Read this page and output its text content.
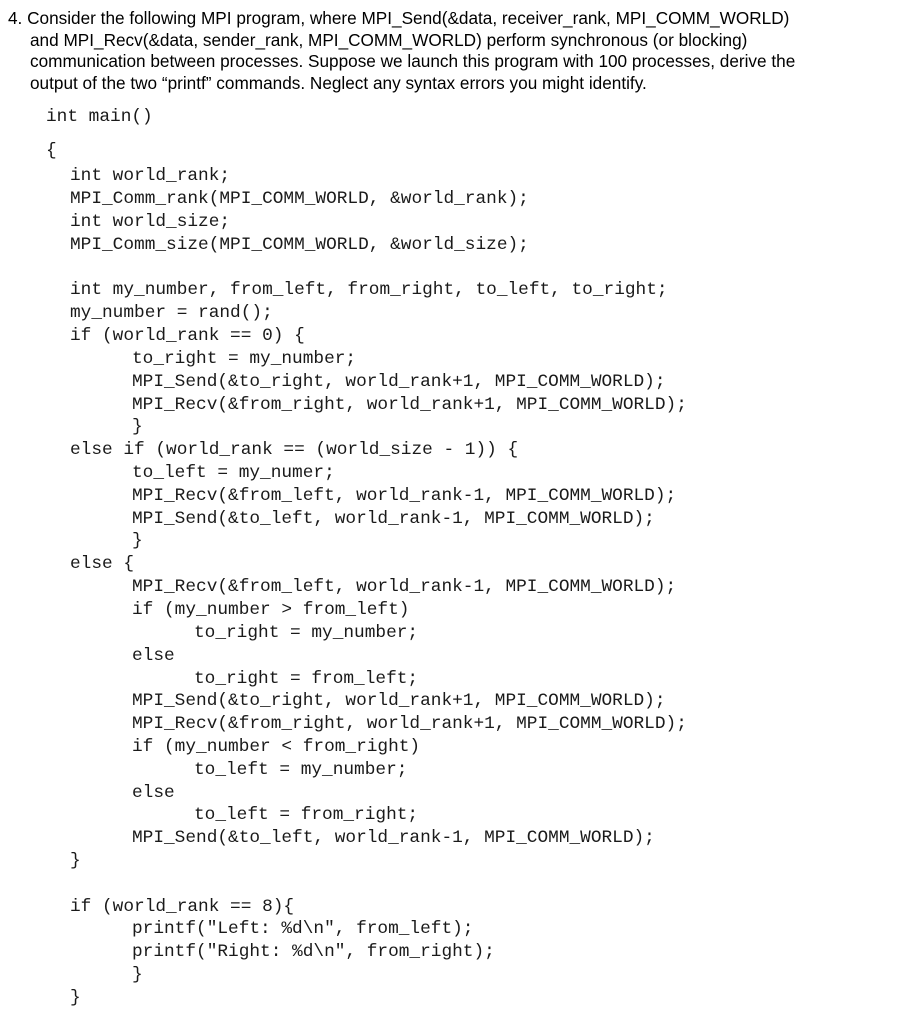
4. Consider the following MPI program, where MPI_Send(&data, receiver_rank, MPI_COMM_WORLD)
and MPI_Recv(&data, sender_rank, MPI_COMM_WORLD) perform synchronous (or blocking)
communication between processes. Suppose we launch this program with 100 processes, derive the
output of the two “printf” commands. Neglect any syntax errors you might identify.
int main()
{
int world_rank;
MPI_Comm_rank(MPI_COMM_WORLD, &world_rank);
int world_size;
MPI_Comm_size(MPI_COMM_WORLD, &world_size);
int my_number, from_left, from_right, to_left, to_right;
my_number = rand();
if (world_rank == 0) {
to_right = my_number;
MPI_Send(&to_right, world_rank+1, MPI_COMM_WORLD);
MPI_Recv(&from_right, world_rank+1, MPI_COMM_WORLD);
}
else if (world_rank == (world_size - 1)) {
to_left = my_numer;
MPI_Recv(&from_left, world_rank-1, MPI_COMM_WORLD);
MPI_Send(&to_left, world_rank-1, MPI_COMM_WORLD);
}
else {
MPI_Recv(&from_left, world_rank-1, MPI_COMM_WORLD);
if (my_number > from_left)
to_right = my_number;
else
to_right = from_left;
MPI_Send(&to_right, world_rank+1, MPI_COMM_WORLD);
MPI_Recv(&from_right, world_rank+1, MPI_COMM_WORLD);
if (my_number < from_right)
to_left = my_number;
else
to_left = from_right;
MPI_Send(&to_left, world_rank-1, MPI_COMM_WORLD);
}
if (world_rank == 8){
printf("Left: %d\n", from_left);
printf("Right: %d\n", from_right);
}
}
